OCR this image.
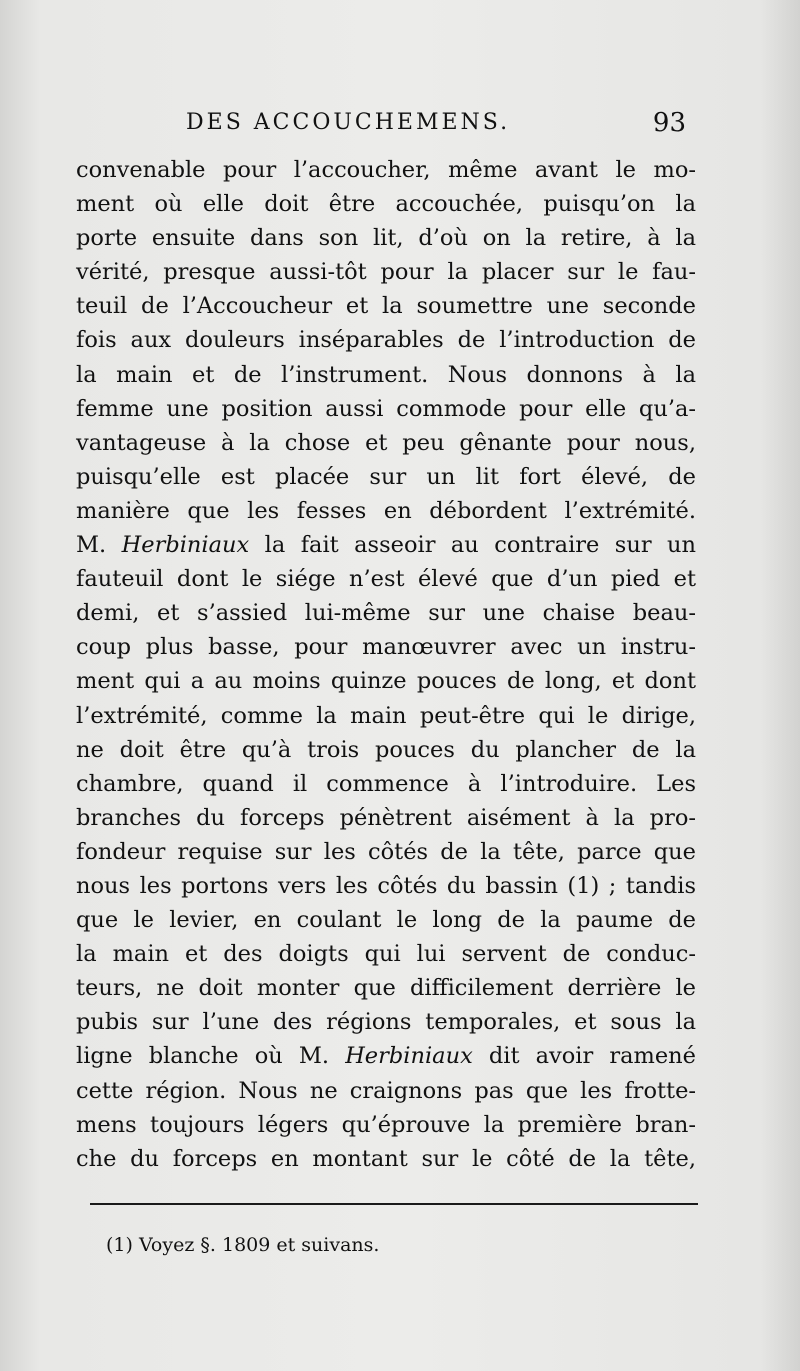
DES ACCOUCHEMENS.	93
convenable pour l’accoucher, même avant le mo-
ment où elle doit être accouchée, puisqu’on la
porte ensuite dans son lit, d’où on la retire, à la
vérité, presque aussi-tôt pour la placer sur le fau-
teuil de l’Accoucheur et la soumettre une seconde
fois aux douleurs inséparables de l’introduction de
la main et de l’instrument. Nous donnons à la
femme une position aussi commode pour elle qu’a-
vantageuse à la chose et peu gênante pour nous,
puisqu’elle est placée sur un lit fort élevé, de
manière que les fesses en débordent l’extrémité.
M. Herbiniaux la fait asseoir au contraire sur un
fauteuil dont le siége n’est élevé que d’un pied et
demi, et s’assied lui-même sur une chaise beau-
coup plus basse, pour manœuvrer avec un instru-
ment qui a au moins quinze pouces de long, et dont
l’extrémité, comme la main peut-être qui le dirige,
ne doit être qu’à trois pouces du plancher de la
chambre, quand il commence à l’introduire. Les
branches du forceps pénètrent aisément à la pro-
fondeur requise sur les côtés de la tête, parce que
nous les portons vers les côtés du bassin (1) ; tandis
que le levier, en coulant le long de la paume de
la main et des doigts qui lui servent de conduc-
teurs, ne doit monter que difficilement derrière le
pubis sur l’une des régions temporales, et sous la
ligne blanche où M. Herbiniaux dit avoir ramené
cette région. Nous ne craignons pas que les frotte-
mens toujours légers qu’éprouve la première bran-
che du forceps en montant sur le côté de la tête,
(1) Voyez §. 1809 et suivans.
